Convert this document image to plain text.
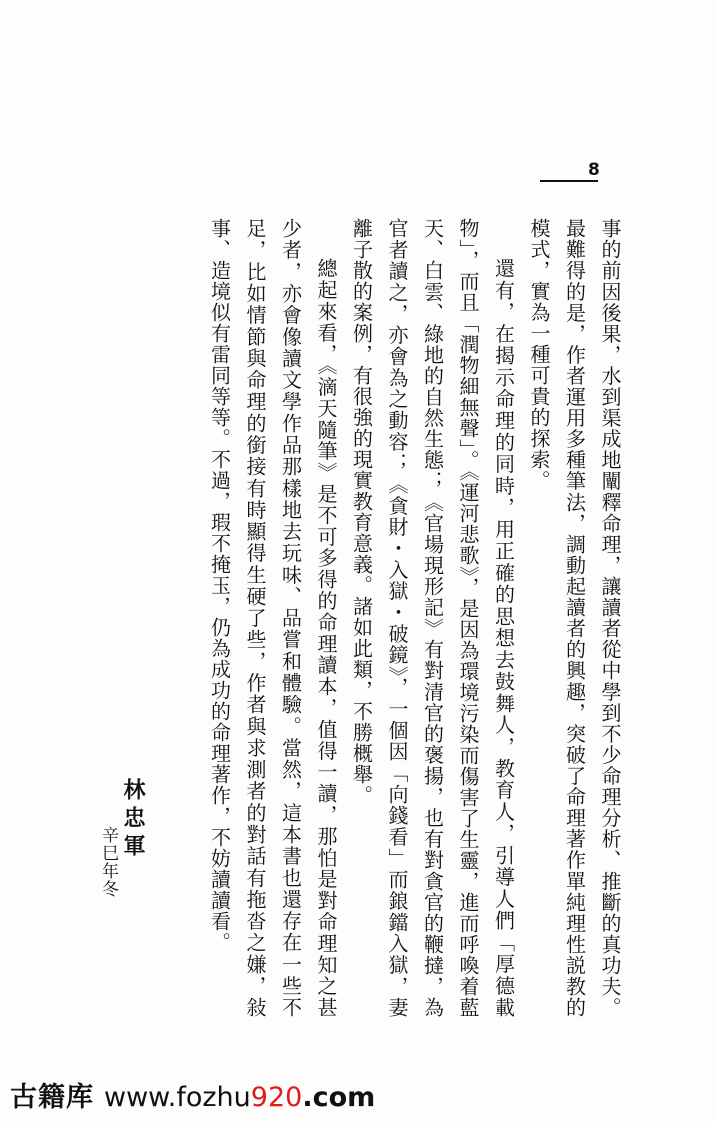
8

事的前因後果，水到渠成地闡釋命理，讓讀者從中學到不少命理分析、推斷的真功夫。最難得的是，作者運用多種筆法，調動起讀者的興趣，突破了命理著作單純理性説教的模式，實為一種可貴的探索。

還有，在揭示命理的同時，用正確的思想去鼓舞人，教育人，引導人們「厚德載物」，而且「潤物細無聲」。《運河悲歌》，是因為環境污染而傷害了生靈，進而呼喚着藍天、白雲、綠地的自然生態；《官場現形記》有對清官的褒揚，也有對貪官的鞭撻，為官者讀之，亦會為之動容；《貪財・入獄・破鏡》，一個因「向錢看」而鋃鐺入獄，妻離子散的案例，有很強的現實教育意義。諸如此類，不勝概舉。

總起來看，《滴天隨筆》是不可多得的命理讀本，值得一讀，那怕是對命理知之甚少者，亦會像讀文學作品那樣地去玩味、品嘗和體驗。當然，這本書也還存在一些不足，比如情節與命理的銜接有時顯得生硬了些，作者與求測者的對話有拖沓之嫌，敍事、造境似有雷同等等。不過，瑕不掩玉，仍為成功的命理著作，不妨讀讀看。

林忠軍
辛巳年冬
古籍库 www.fozhu920.com
